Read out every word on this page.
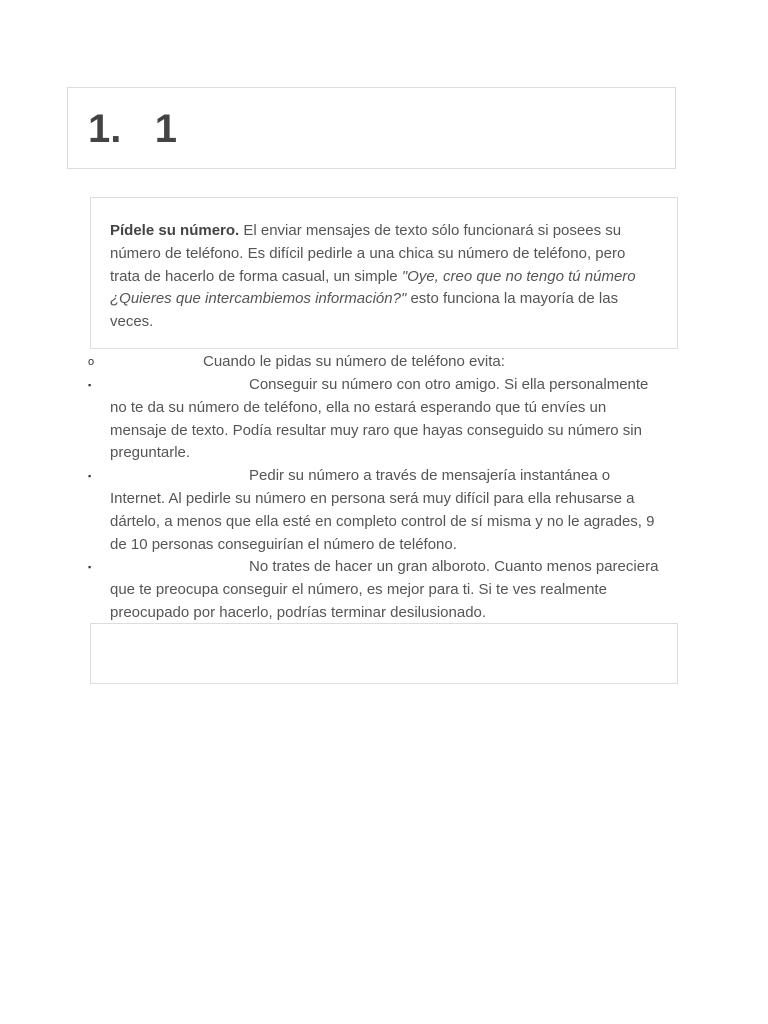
1.   1
Pídele su número. El enviar mensajes de texto sólo funcionará si posees su número de teléfono. Es difícil pedirle a una chica su número de teléfono, pero trata de hacerlo de forma casual, un simple "Oye, creo que no tengo tú número ¿Quieres que intercambiemos información?" esto funciona la mayoría de las veces.
o	Cuando le pidas su número de teléfono evita:
▪	Conseguir su número con otro amigo. Si ella personalmente no te da su número de teléfono, ella no estará esperando que tú envíes un mensaje de texto. Podía resultar muy raro que hayas conseguido su número sin preguntarle.
▪	Pedir su número a través de mensajería instantánea o Internet. Al pedirle su número en persona será muy difícil para ella rehusarse a dártelo, a menos que ella esté en completo control de sí misma y no le agrades, 9 de 10 personas conseguirían el número de teléfono.
▪	No trates de hacer un gran alboroto. Cuanto menos pareciera que te preocupa conseguir el número, es mejor para ti. Si te ves realmente preocupado por hacerlo, podrías terminar desilusionado.
